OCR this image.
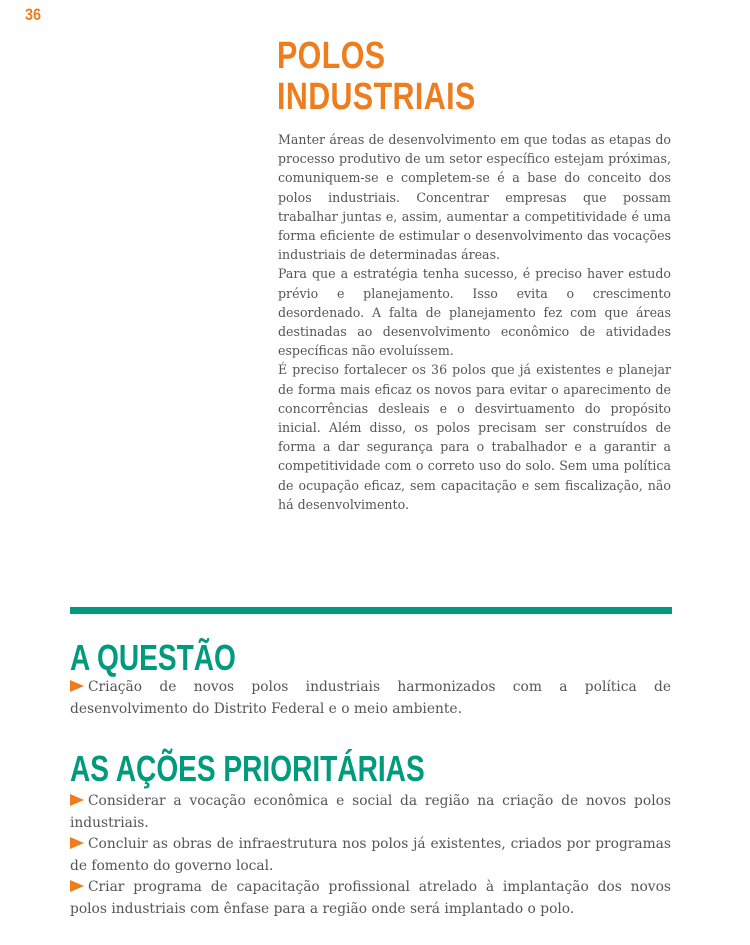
36
POLOS
INDUSTRIAIS

Manter áreas de desenvolvimento em que todas as etapas do processo produtivo de um setor específico estejam próximas, comuniquem-se e completem-se é a base do conceito dos polos industriais. Concentrar empresas que possam trabalhar juntas e, assim, aumentar a competitividade é uma forma eficiente de estimular o desenvolvimento das vocações industriais de determinadas áreas.

Para que a estratégia tenha sucesso, é preciso haver estudo prévio e planejamento. Isso evita o crescimento desordenado. A falta de planejamento fez com que áreas destinadas ao desenvolvimento econômico de atividades específicas não evoluíssem.

É preciso fortalecer os 36 polos que já existentes e planejar de forma mais eficaz os novos para evitar o aparecimento de concorrências desleais e o desvirtuamento do propósito inicial. Além disso, os polos precisam ser construídos de forma a dar segurança para o trabalhador e a garantir a competitividade com o correto uso do solo. Sem uma política de ocupação eficaz, sem capacitação e sem fiscalização, não há desenvolvimento.

A QUESTÃO

Criação de novos polos industriais harmonizados com a política de desenvolvimento do Distrito Federal e o meio ambiente.

AS AÇÕES PRIORITÁRIAS

Considerar a vocação econômica e social da região na criação de novos polos industriais.

Concluir as obras de infraestrutura nos polos já existentes, criados por programas de fomento do governo local.

Criar programa de capacitação profissional atrelado à implantação dos novos polos industriais com ênfase para a região onde será implantado o polo.
